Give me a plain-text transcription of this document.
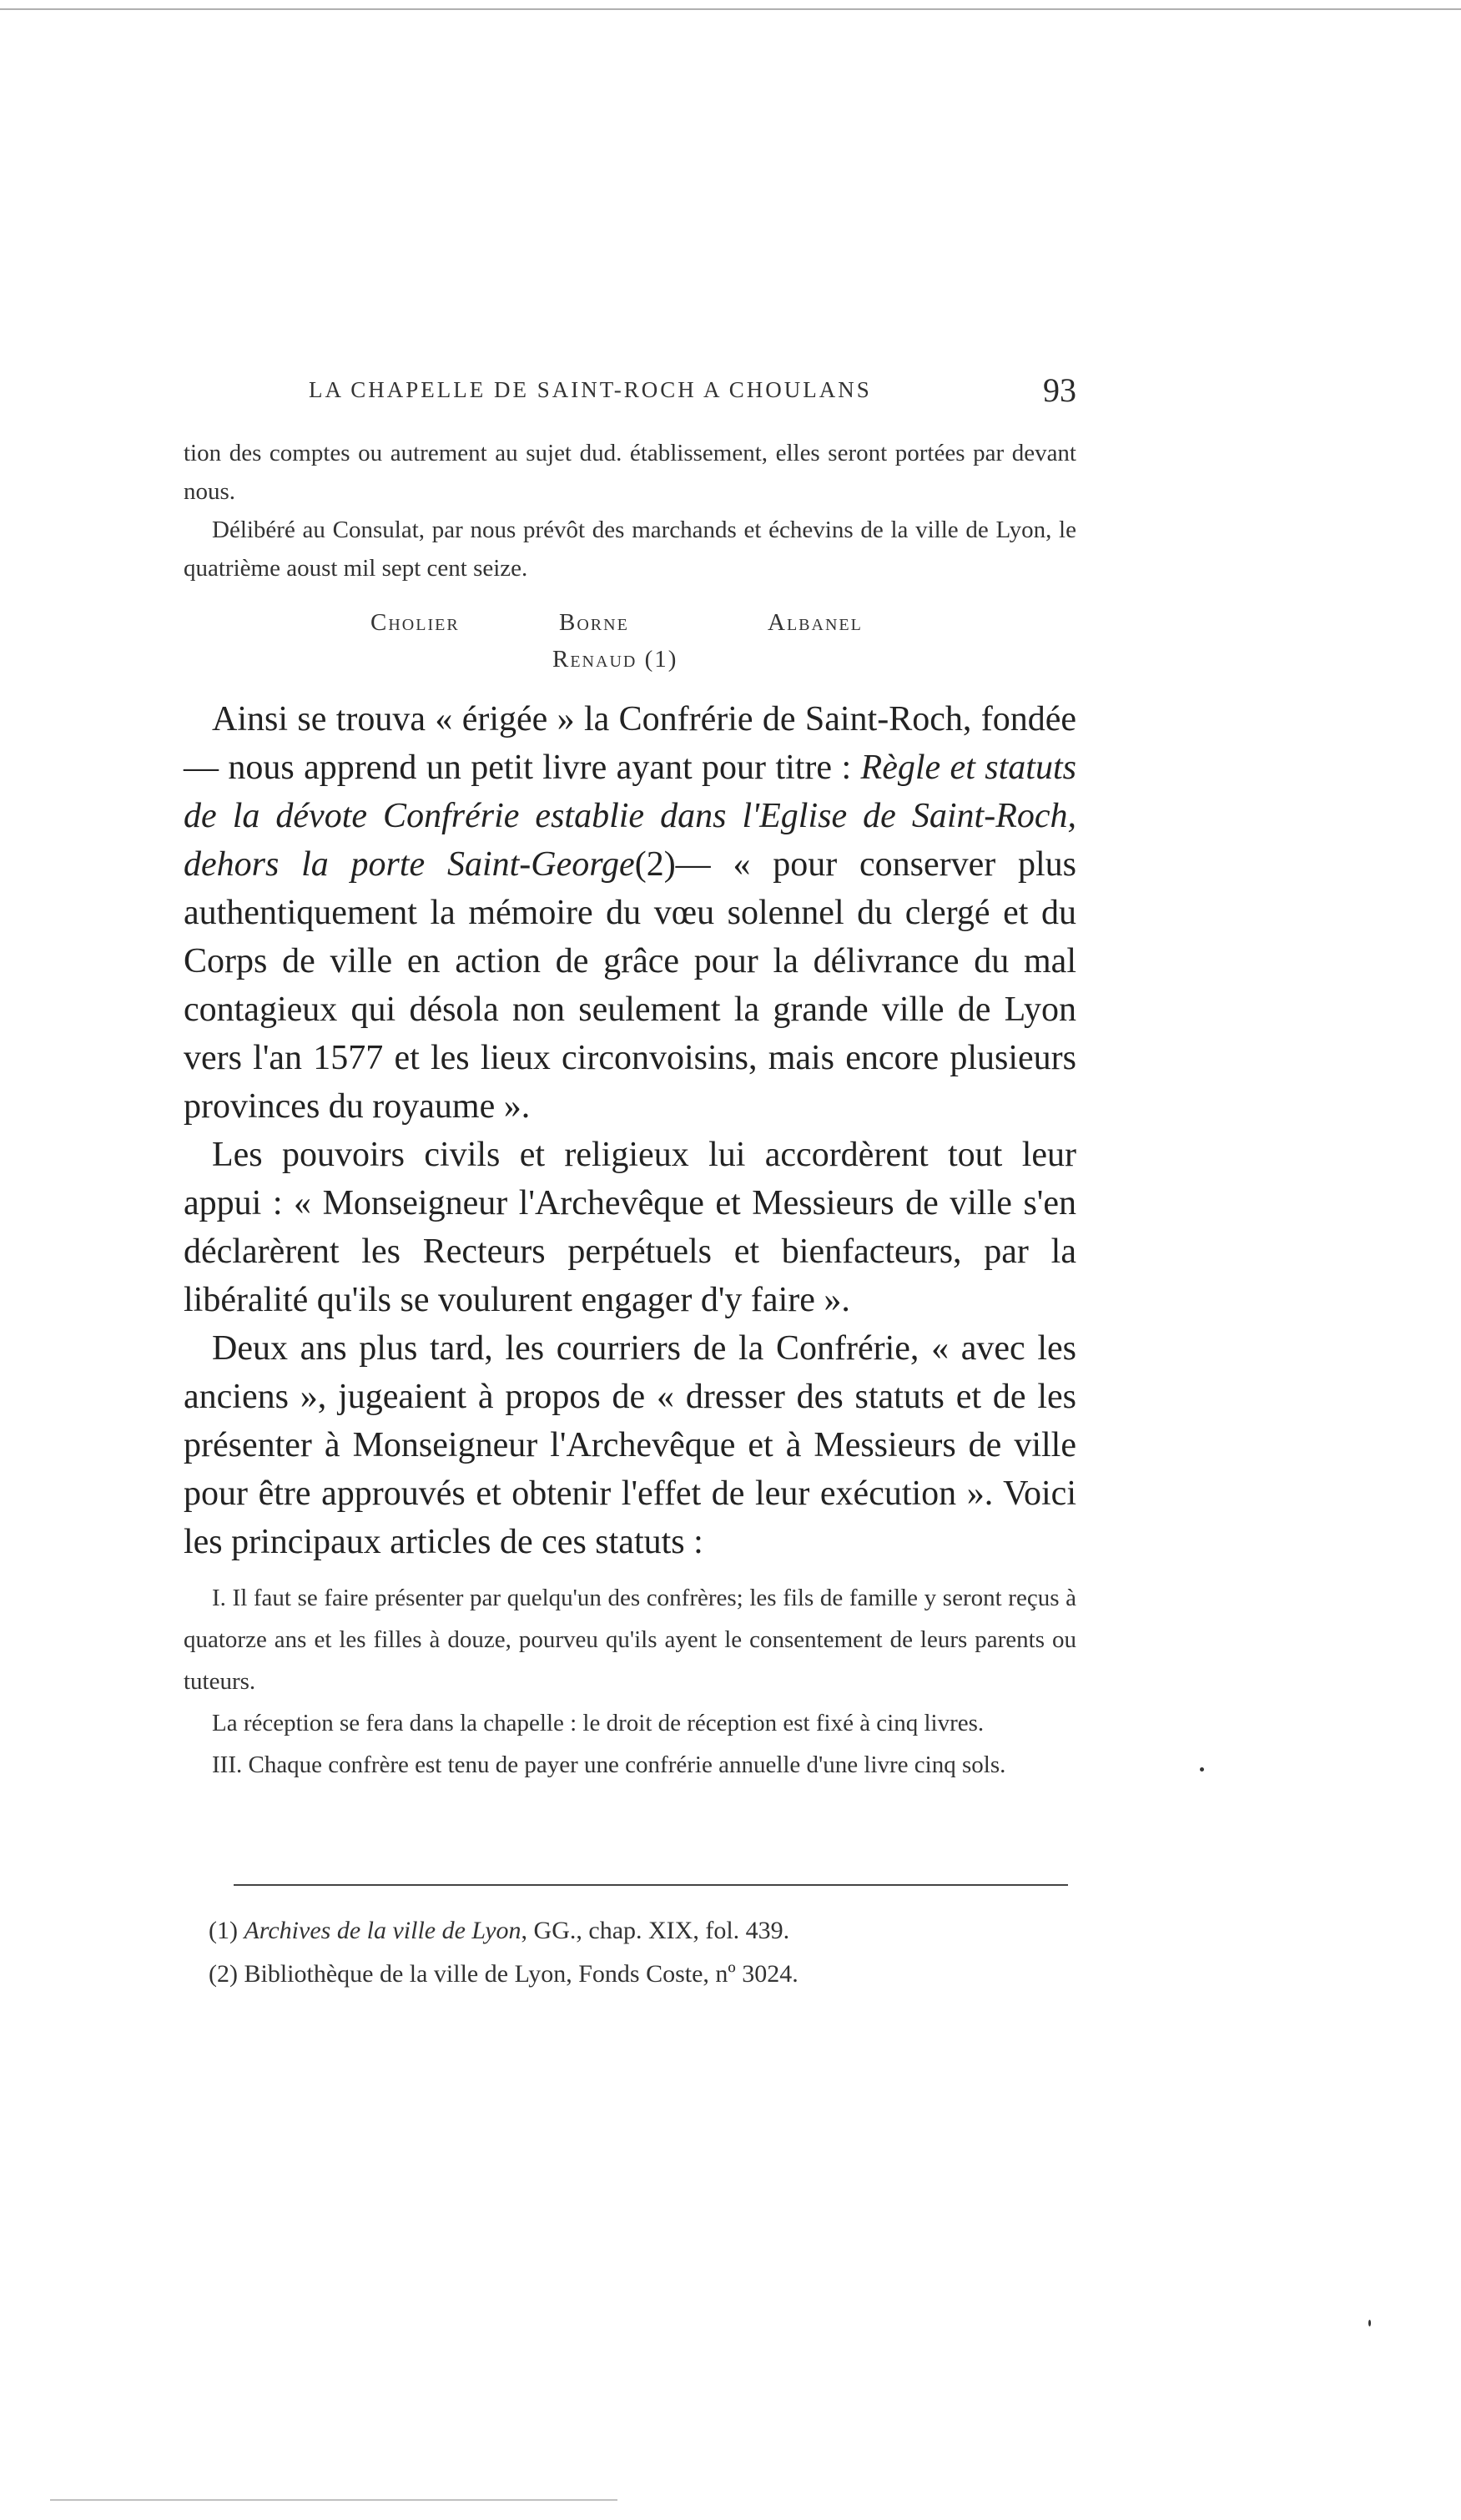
LA CHAPELLE DE SAINT-ROCH A CHOULANS	93

tion des comptes ou autrement au sujet dud. établissement, elles seront portées par devant nous.

Délibéré au Consulat, par nous prévôt des marchands et échevins de la ville de Lyon, le quatrième aoust mil sept cent seize.

Cholier	Borne	Albanel
Renaud (1)

Ainsi se trouva « érigée » la Confrérie de Saint-Roch, fondée — nous apprend un petit livre ayant pour titre : Règle et statuts de la dévote Confrérie establie dans l'Eglise de Saint-Roch, dehors la porte Saint-George(2)— « pour conserver plus authentiquement la mémoire du vœu solennel du clergé et du Corps de ville en action de grâce pour la délivrance du mal contagieux qui désola non seulement la grande ville de Lyon vers l'an 1577 et les lieux circonvoisins, mais encore plusieurs provinces du royaume ».

Les pouvoirs civils et religieux lui accordèrent tout leur appui : « Monseigneur l'Archevêque et Messieurs de ville s'en déclarèrent les Recteurs perpétuels et bienfacteurs, par la libéralité qu'ils se voulurent engager d'y faire ».

Deux ans plus tard, les courriers de la Confrérie, « avec les anciens », jugeaient à propos de « dresser des statuts et de les présenter à Monseigneur l'Archevêque et à Messieurs de ville pour être approuvés et obtenir l'effet de leur exécution ». Voici les principaux articles de ces statuts :

I. Il faut se faire présenter par quelqu'un des confrères; les fils de famille y seront reçus à quatorze ans et les filles à douze, pourveu qu'ils ayent le consentement de leurs parents ou tuteurs.

La réception se fera dans la chapelle : le droit de réception est fixé à cinq livres.

III. Chaque confrère est tenu de payer une confrérie annuelle d'une livre cinq sols.

(1) Archives de la ville de Lyon, GG., chap. XIX, fol. 439.

(2) Bibliothèque de la ville de Lyon, Fonds Coste, nº 3024.
